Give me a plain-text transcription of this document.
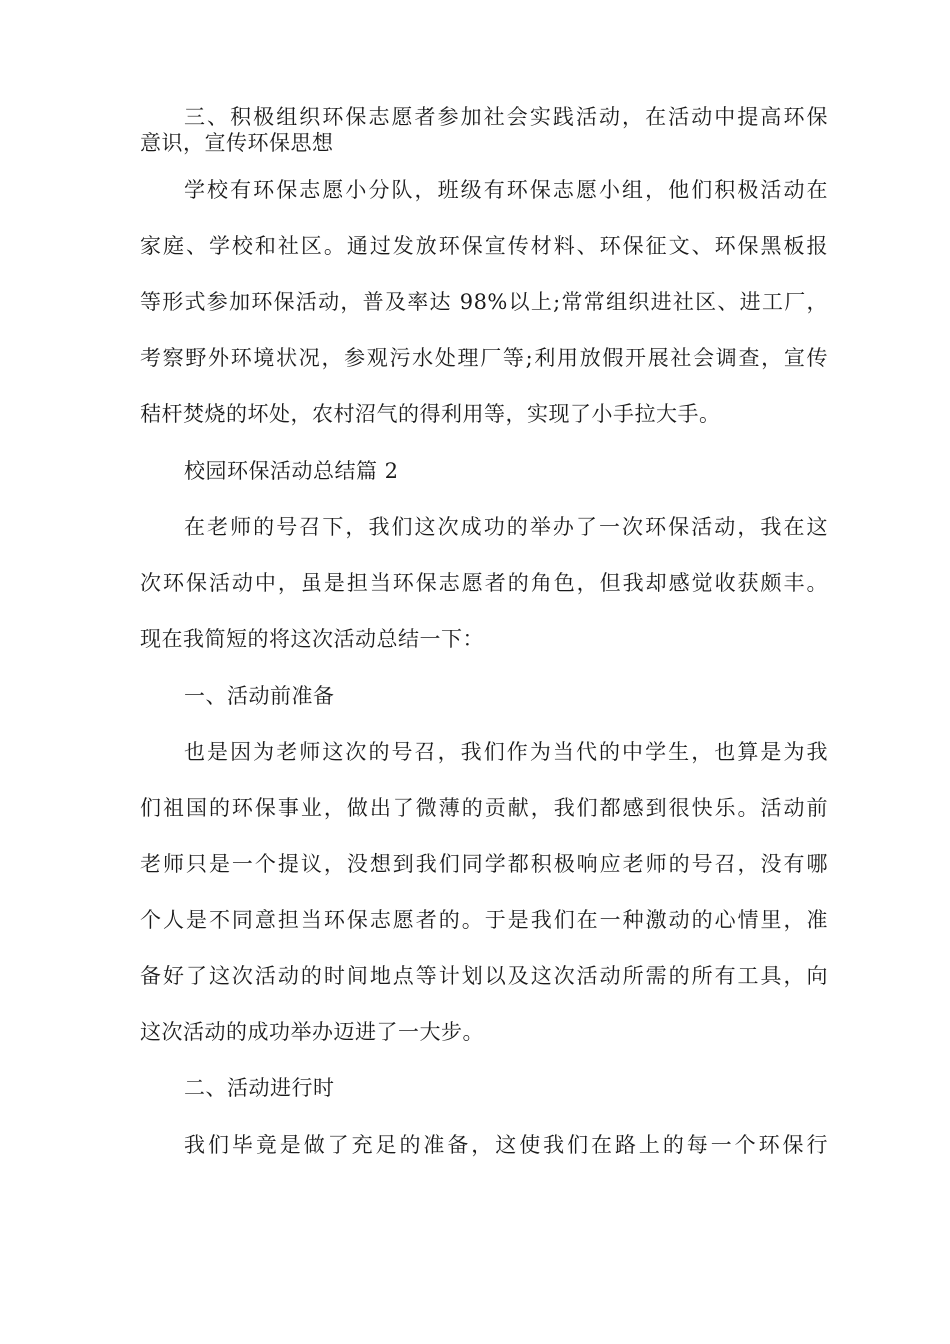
三、积极组织环保志愿者参加社会实践活动，在活动中提高环保
意识，宣传环保思想
学校有环保志愿小分队，班级有环保志愿小组，他们积极活动在
家庭、学校和社区。通过发放环保宣传材料、环保征文、环保黑板报
等形式参加环保活动，普及率达 98%以上;常常组织进社区、进工厂，
考察野外环境状况，参观污水处理厂等;利用放假开展社会调查，宣传
秸杆焚烧的坏处，农村沼气的得利用等，实现了小手拉大手。
校园环保活动总结篇 2
在老师的号召下，我们这次成功的举办了一次环保活动，我在这
次环保活动中，虽是担当环保志愿者的角色，但我却感觉收获颇丰。
现在我简短的将这次活动总结一下：
一、活动前准备
也是因为老师这次的号召，我们作为当代的中学生，也算是为我
们祖国的环保事业，做出了微薄的贡献，我们都感到很快乐。活动前
老师只是一个提议，没想到我们同学都积极响应老师的号召，没有哪
个人是不同意担当环保志愿者的。于是我们在一种激动的心情里，准
备好了这次活动的时间地点等计划以及这次活动所需的所有工具，向
这次活动的成功举办迈进了一大步。
二、活动进行时
我们毕竟是做了充足的准备，这使我们在路上的每一个环保行
